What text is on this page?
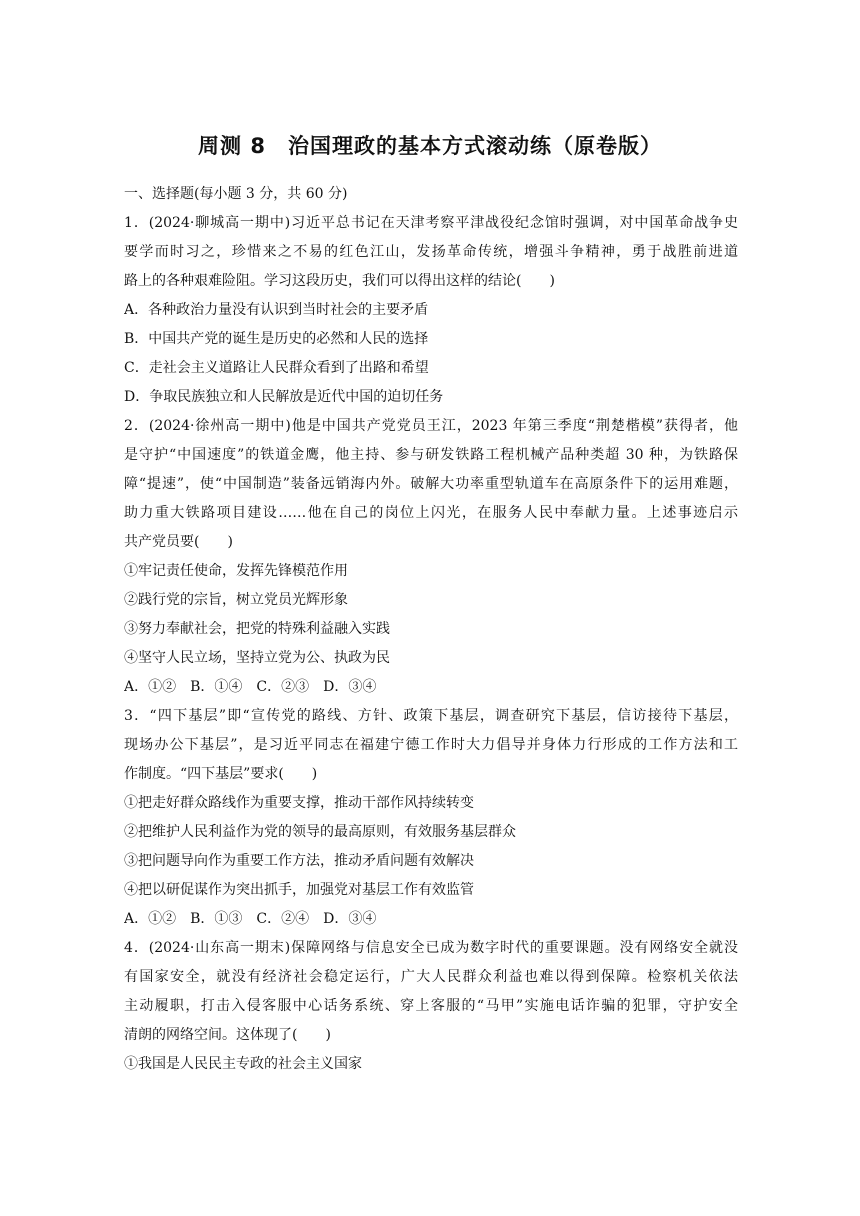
周测 8　治国理政的基本方式滚动练（原卷版）
一、选择题(每小题 3 分，共 60 分)
1．(2024·聊城高一期中)习近平总书记在天津考察平津战役纪念馆时强调，对中国革命战争史
要学而时习之，珍惜来之不易的红色江山，发扬革命传统，增强斗争精神，勇于战胜前进道
路上的各种艰难险阻。学习这段历史，我们可以得出这样的结论(　　)
A．各种政治力量没有认识到当时社会的主要矛盾
B．中国共产党的诞生是历史的必然和人民的选择
C．走社会主义道路让人民群众看到了出路和希望
D．争取民族独立和人民解放是近代中国的迫切任务
2．(2024·徐州高一期中)他是中国共产党党员王江，2023 年第三季度“荆楚楷模”获得者，他
是守护“中国速度”的铁道金鹰，他主持、参与研发铁路工程机械产品种类超 30 种，为铁路保
障“提速”，使“中国制造”装备远销海内外。破解大功率重型轨道车在高原条件下的运用难题，
助力重大铁路项目建设……他在自己的岗位上闪光，在服务人民中奉献力量。上述事迹启示
共产党员要(　　)
①牢记责任使命，发挥先锋模范作用
②践行党的宗旨，树立党员光辉形象
③努力奉献社会，把党的特殊利益融入实践
④坚守人民立场，坚持立党为公、执政为民
A．①②　B．①④　C．②③　D．③④
3．“四下基层”即“宣传党的路线、方针、政策下基层，调查研究下基层，信访接待下基层，
现场办公下基层”，是习近平同志在福建宁德工作时大力倡导并身体力行形成的工作方法和工
作制度。“四下基层”要求(　　)
①把走好群众路线作为重要支撑，推动干部作风持续转变
②把维护人民利益作为党的领导的最高原则，有效服务基层群众
③把问题导向作为重要工作方法，推动矛盾问题有效解决
④把以研促谋作为突出抓手，加强党对基层工作有效监管
A．①②　B．①③　C．②④　D．③④
4．(2024·山东高一期末)保障网络与信息安全已成为数字时代的重要课题。没有网络安全就没
有国家安全，就没有经济社会稳定运行，广大人民群众利益也难以得到保障。检察机关依法
主动履职，打击入侵客服中心话务系统、穿上客服的“马甲”实施电话诈骗的犯罪，守护安全
清朗的网络空间。这体现了(　　)
①我国是人民民主专政的社会主义国家
